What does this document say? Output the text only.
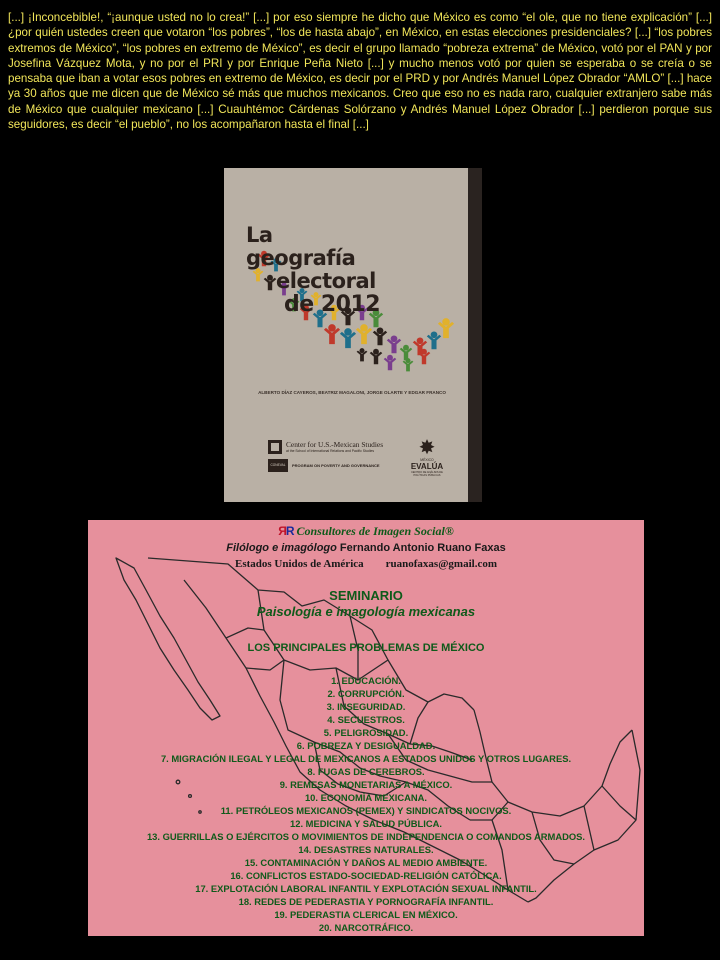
[...] ¡Inconcebible!, “¡aunque usted no lo crea!” [...] por eso siempre he dicho que México es como “el ole, que no tiene explicación” [...] ¿por quién ustedes creen que votaron “los pobres”, “los de hasta abajo”, en México, en estas elecciones presidenciales? [...] “los pobres extremos de México”, “los pobres en extremo de México”, es decir el grupo llamado “pobreza extrema” de México, votó por el PAN y por Josefina Vázquez Mota, y no por el PRI y por Enrique Peña Nieto [...] y mucho menos votó por quien se esperaba o se creía o se pensaba que iban a votar esos pobres en extremo de México, es decir por el PRD y por Andrés Manuel López Obrador “AMLO” [...] hace ya 30 años que me dicen que de México sé más que muchos mexicanos. Creo que eso no es nada raro, cualquier extranjero sabe más de México que cualquier mexicano [...] Cuauhtémoc Cárdenas Solórzano y Andrés Manuel López Obrador [...] perdieron porque sus seguidores, es decir “el pueblo”, no los acompañaron hasta el final [...]
La
geografía
electoral
de 2012
ALBERTO DÍAZ CAYEROS, BEATRIZ MAGALONI, JORGE OLARTE Y EDGAR FRANCO
Center for U.S.-Mexican Studies
at the School of International Relations and Pacific Studies
CONEVAL	PROGRAM ON POVERTY AND GOVERNANCE
✸
MÉXICO
EVALÚA
CENTRO DE ANÁLISIS DE POLÍTICAS PÚBLICAS
ЯR Consultores de Imagen Social®
Filólogo e imagólogo Fernando Antonio Ruano Faxas
Estados Unidos de América ruanofaxas@gmail.com
SEMINARIO
Paisología e imagología mexicanas
LOS PRINCIPALES PROBLEMAS DE MÉXICO
1. EDUCACIÓN.
2. CORRUPCIÓN.
3. INSEGURIDAD.
4. SECUESTROS.
5. PELIGROSIDAD.
6. POBREZA Y DESIGUALDAD.
7. MIGRACIÓN ILEGAL Y LEGAL DE MEXICANOS A ESTADOS UNIDOS Y OTROS LUGARES.
8. FUGAS DE CEREBROS.
9. REMESAS MONETARIAS A MÉXICO.
10. ECONOMÍA MEXICANA.
11. PETRÓLEOS MEXICANOS (PEMEX) Y SINDICATOS NOCIVOS.
12. MEDICINA Y SALUD PÚBLICA.
13. GUERRILLAS O EJÉRCITOS O MOVIMIENTOS DE INDEPENDENCIA O COMANDOS ARMADOS.
14. DESASTRES NATURALES.
15. CONTAMINACIÓN Y DAÑOS AL MEDIO AMBIENTE.
16. CONFLICTOS ESTADO-SOCIEDAD-RELIGIÓN CATÓLICA.
17. EXPLOTACIÓN LABORAL INFANTIL Y EXPLOTACIÓN SEXUAL INFANTIL.
18. REDES DE PEDERASTIA Y PORNOGRAFÍA INFANTIL.
19. PEDERASTIA CLERICAL EN MÉXICO.
20. NARCOTRÁFICO.
